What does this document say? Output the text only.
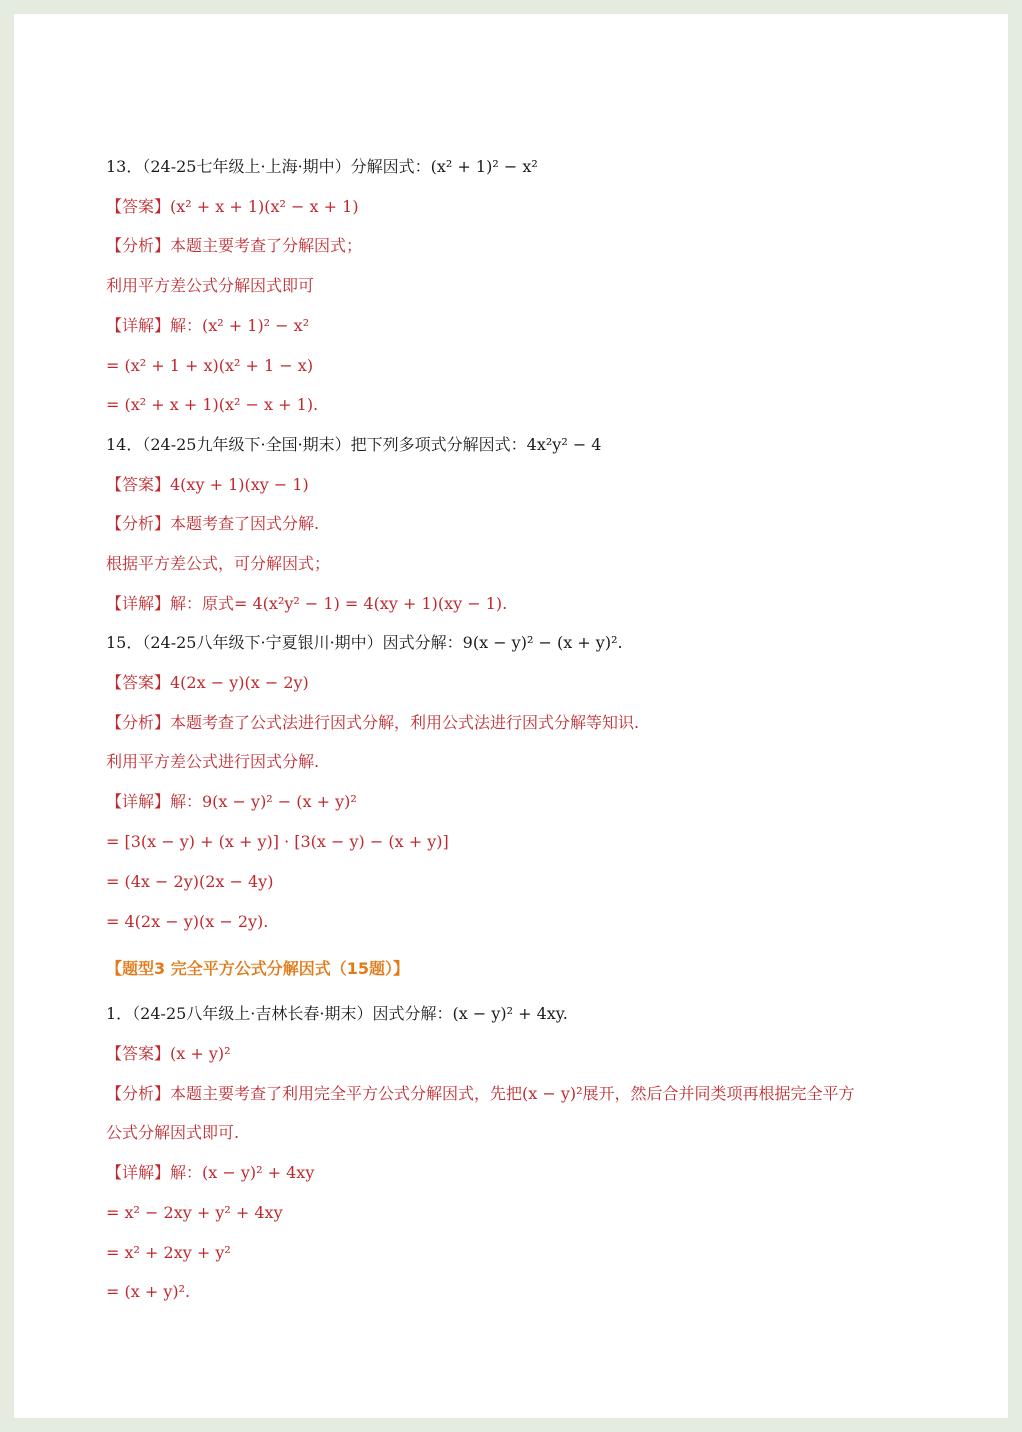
13．（24-25七年级上·上海·期中）分解因式：(x² + 1)² − x²
【答案】(x² + x + 1)(x² − x + 1)
【分析】本题主要考查了分解因式；
利用平方差公式分解因式即可
【详解】解：(x² + 1)² − x²
= (x² + 1 + x)(x² + 1 − x)
= (x² + x + 1)(x² − x + 1).
14．（24-25九年级下·全国·期末）把下列多项式分解因式：4x²y² − 4
【答案】4(xy + 1)(xy − 1)
【分析】本题考查了因式分解.
根据平方差公式，可分解因式；
【详解】解：原式= 4(x²y² − 1) = 4(xy + 1)(xy − 1).
15．（24-25八年级下·宁夏银川·期中）因式分解：9(x − y)² − (x + y)².
【答案】4(2x − y)(x − 2y)
【分析】本题考查了公式法进行因式分解，利用公式法进行因式分解等知识.
利用平方差公式进行因式分解.
【详解】解：9(x − y)² − (x + y)²
= [3(x − y) + (x + y)] · [3(x − y) − (x + y)]
= (4x − 2y)(2x − 4y)
= 4(2x − y)(x − 2y).
【题型3 完全平方公式分解因式（15题）】
1．（24-25八年级上·吉林长春·期末）因式分解：(x − y)² + 4xy.
【答案】(x + y)²
【分析】本题主要考查了利用完全平方公式分解因式，先把(x − y)²展开，然后合并同类项再根据完全平方
公式分解因式即可.
【详解】解：(x − y)² + 4xy
= x² − 2xy + y² + 4xy
= x² + 2xy + y²
= (x + y)².
